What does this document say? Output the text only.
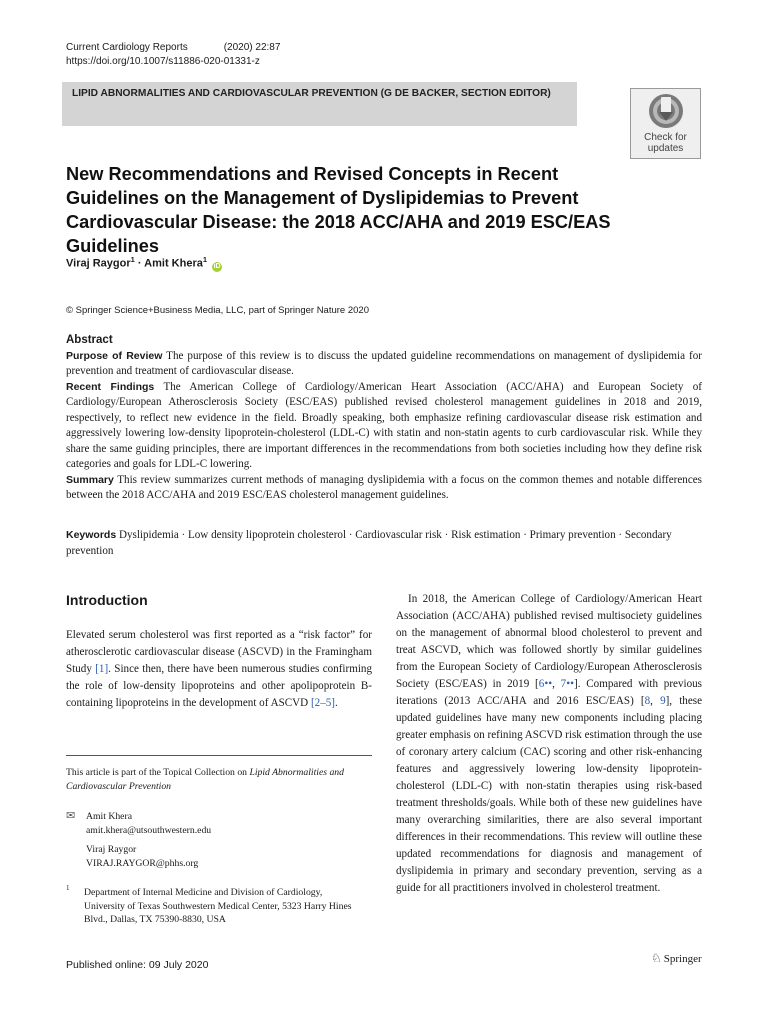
Current Cardiology Reports	(2020) 22:87
https://doi.org/10.1007/s11886-020-01331-z
LIPID ABNORMALITIES AND CARDIOVASCULAR PREVENTION (G DE BACKER, SECTION EDITOR)
Check for
updates
New Recommendations and Revised Concepts in Recent Guidelines on the Management of Dyslipidemias to Prevent Cardiovascular Disease: the 2018 ACC/AHA and 2019 ESC/EAS Guidelines
Viraj Raygor$^1$ · Amit Khera$^1$ iD
© Springer Science+Business Media, LLC, part of Springer Nature 2020
Abstract

Purpose of Review The purpose of this review is to discuss the updated guideline recommendations on management of dyslipidemia for prevention and treatment of cardiovascular disease.

Recent Findings The American College of Cardiology/American Heart Association (ACC/AHA) and European Society of Cardiology/European Atherosclerosis Society (ESC/EAS) published revised cholesterol management guidelines in 2018 and 2019, respectively, to reflect new evidence in the field. Broadly speaking, both emphasize refining cardiovascular disease risk estimation and aggressively lowering low-density lipoprotein-cholesterol (LDL-C) with statin and non-statin agents to curb cardiovascular risk. While they share the same guiding principles, there are important differences in the recommendations from both societies including how they define risk categories and goals for LDL-C lowering.

Summary This review summarizes current methods of managing dyslipidemia with a focus on the common themes and notable differences between the 2018 ACC/AHA and 2019 ESC/EAS cholesterol management guidelines.

Keywords Dyslipidemia · Low density lipoprotein cholesterol · Cardiovascular risk · Risk estimation · Primary prevention · Secondary prevention
Introduction
Elevated serum cholesterol was first reported as a “risk factor” for atherosclerotic cardiovascular disease (ASCVD) in the Framingham Study [1]. Since then, there have been numerous studies confirming the role of low-density lipoproteins and other apolipoprotein B-containing lipoproteins in the development of ASCVD [2–5].
In 2018, the American College of Cardiology/American Heart Association (ACC/AHA) published revised multisociety guidelines on the management of abnormal blood cholesterol to prevent and treat ASCVD, which was followed shortly by similar guidelines from the European Society of Cardiology/European Atherosclerosis Society (ESC/EAS) in 2019 [6••, 7••]. Compared with previous iterations (2013 ACC/AHA and 2016 ESC/EAS) [8, 9], these updated guidelines have many new components including placing greater emphasis on refining ASCVD risk estimation through the use of coronary artery calcium (CAC) scoring and other risk-enhancing features and aggressively lowering low-density lipoprotein-cholesterol (LDL-C) with non-statin therapies using risk-based treatment thresholds/goals. While both of these new guidelines have many overarching similarities, there are also several important differences in their recommendations. This review will outline these updated recommendations for diagnosis and management of dyslipidemia in primary and secondary prevention, serving as a guide for all practitioners involved in cholesterol treatment.
This article is part of the Topical Collection on Lipid Abnormalities and Cardiovascular Prevention
✉ Amit Khera
amit.khera@utsouthwestern.edu
Viraj Raygor
VIRAJ.RAYGOR@phhs.org
1 Department of Internal Medicine and Division of Cardiology,
University of Texas Southwestern Medical Center, 5323 Harry Hines
Blvd., Dallas, TX 75390-8830, USA
Published online: 09 July 2020	♘ Springer
